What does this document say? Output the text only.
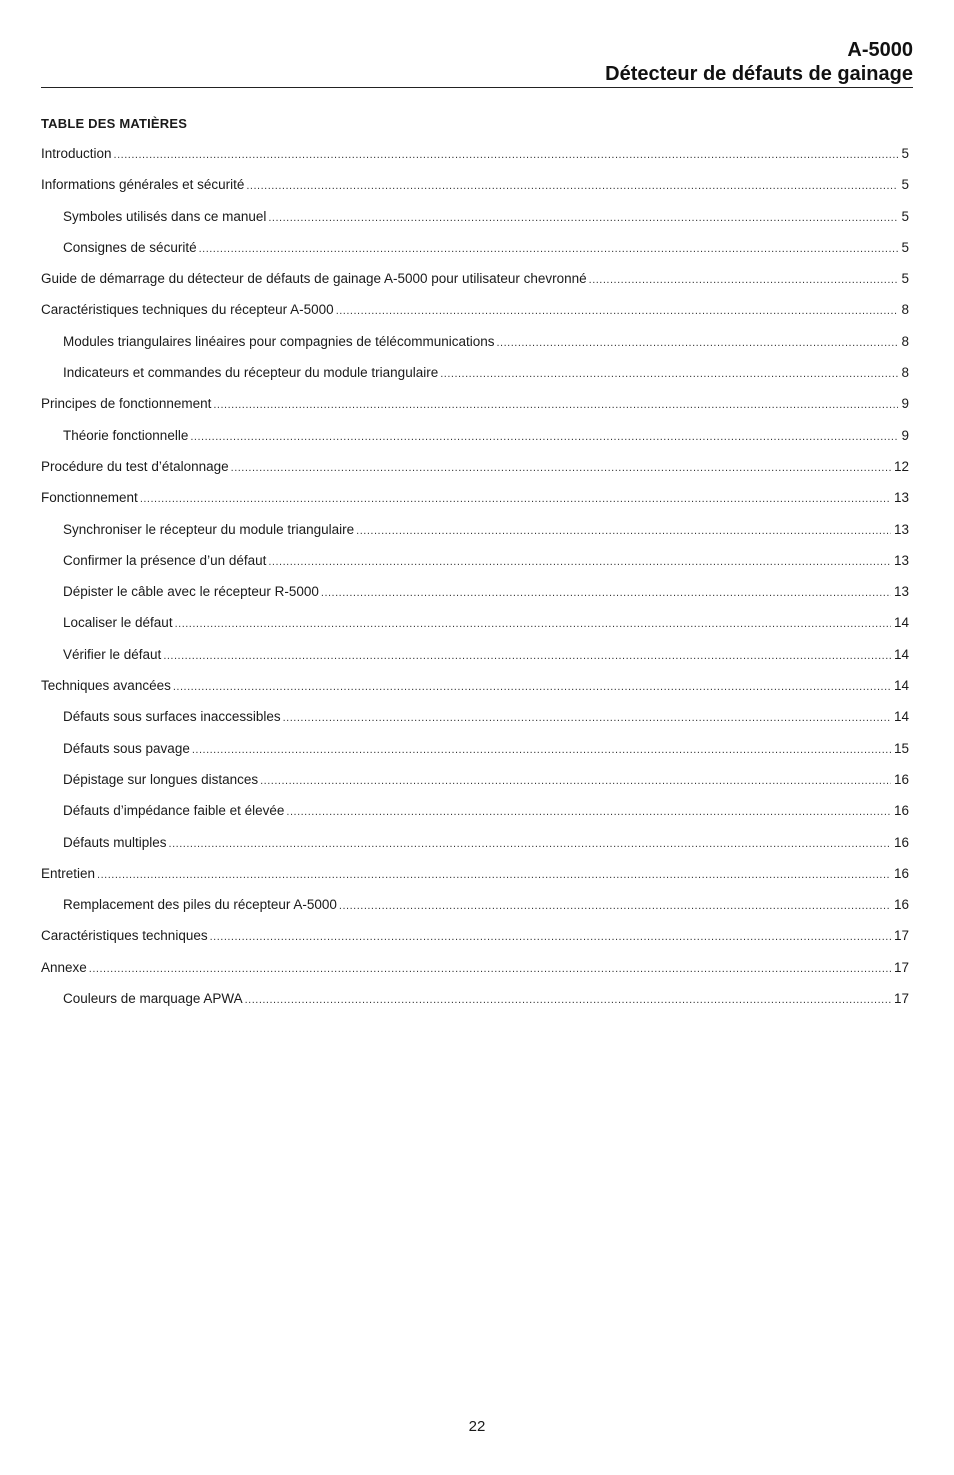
A-5000
Détecteur de défauts de gainage
TABLE DES MATIÈRES
Introduction .....	5
Informations générales et sécurité .....	5
Symboles utilisés dans ce manuel .....	5
Consignes de sécurité .....	5
Guide de démarrage du détecteur de défauts de gainage A-5000 pour utilisateur chevronné .....	5
Caractéristiques techniques du récepteur A-5000 .....	8
Modules triangulaires linéaires pour compagnies de télécommunications .....	8
Indicateurs et commandes du récepteur du module triangulaire .....	8
Principes de fonctionnement .....	9
Théorie fonctionnelle .....	9
Procédure du test d’étalonnage .....	12
Fonctionnement .....	13
Synchroniser le récepteur du module triangulaire .....	13
Confirmer la présence d’un défaut .....	13
Dépister le câble avec le récepteur R-5000 .....	13
Localiser le défaut .....	14
Vérifier le défaut .....	14
Techniques avancées .....	14
Défauts sous surfaces inaccessibles .....	14
Défauts sous pavage .....	15
Dépistage sur longues distances .....	16
Défauts d’impédance faible et élevée .....	16
Défauts multiples .....	16
Entretien .....	16
Remplacement des piles du récepteur A-5000 .....	16
Caractéristiques techniques .....	17
Annexe .....	17
Couleurs de marquage APWA .....	17
22
